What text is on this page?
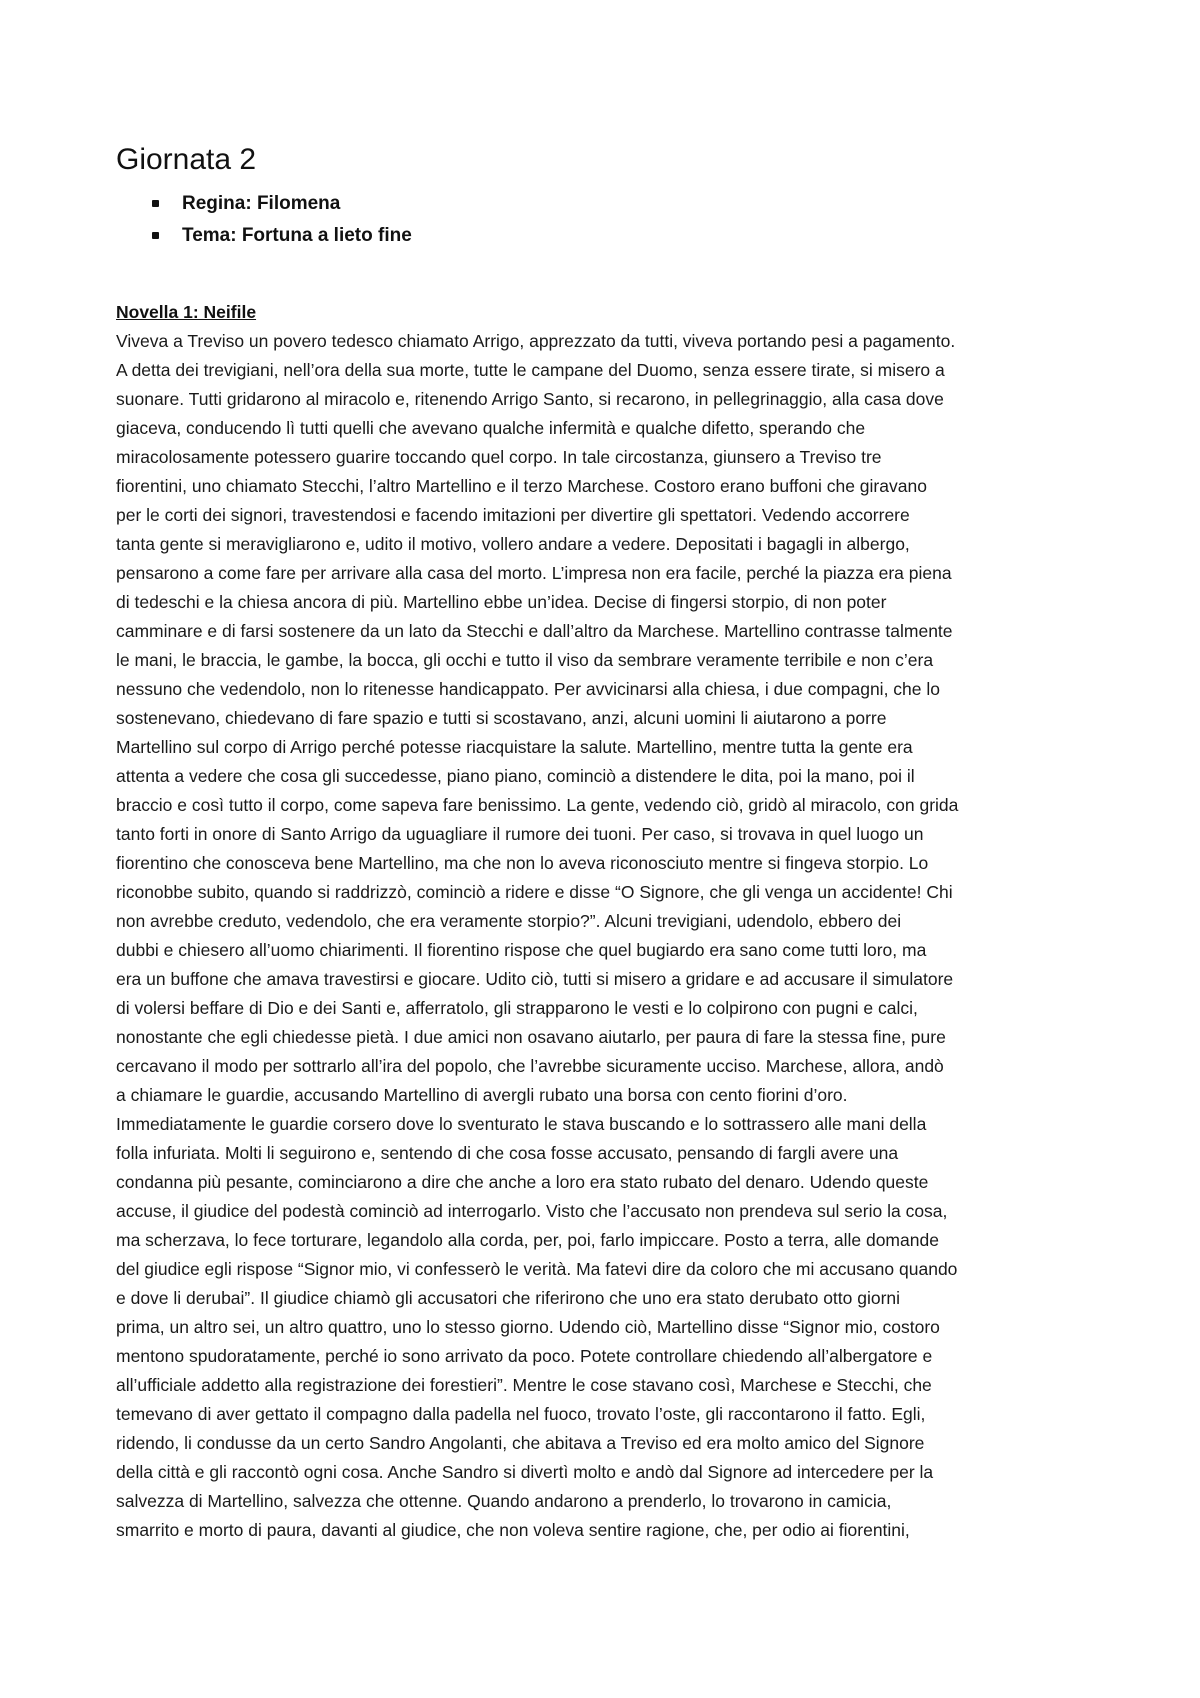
Giornata 2
Regina: Filomena
Tema: Fortuna a lieto fine
Novella 1: Neifile

Viveva a Treviso un povero tedesco chiamato Arrigo, apprezzato da tutti, viveva portando pesi a pagamento.
A detta dei trevigiani, nell’ora della sua morte, tutte le campane del Duomo, senza essere tirate, si misero a
suonare. Tutti gridarono al miracolo e, ritenendo Arrigo Santo, si recarono, in pellegrinaggio, alla casa dove
giaceva, conducendo lì tutti quelli che avevano qualche infermità e qualche difetto, sperando che
miracolosamente potessero guarire toccando quel corpo. In tale circostanza, giunsero a Treviso tre
fiorentini, uno chiamato Stecchi, l’altro Martellino e il terzo Marchese. Costoro erano buffoni che giravano
per le corti dei signori, travestendosi e facendo imitazioni per divertire gli spettatori. Vedendo accorrere
tanta gente si meravigliarono e, udito il motivo, vollero andare a vedere. Depositati i bagagli in albergo,
pensarono a come fare per arrivare alla casa del morto. L’impresa non era facile, perché la piazza era piena
di tedeschi e la chiesa ancora di più. Martellino ebbe un’idea. Decise di fingersi storpio, di non poter
camminare e di farsi sostenere da un lato da Stecchi e dall’altro da Marchese. Martellino contrasse talmente
le mani, le braccia, le gambe, la bocca, gli occhi e tutto il viso da sembrare veramente terribile e non c’era
nessuno che vedendolo, non lo ritenesse handicappato. Per avvicinarsi alla chiesa, i due compagni, che lo
sostenevano, chiedevano di fare spazio e tutti si scostavano, anzi, alcuni uomini li aiutarono a porre
Martellino sul corpo di Arrigo perché potesse riacquistare la salute. Martellino, mentre tutta la gente era
attenta a vedere che cosa gli succedesse, piano piano, cominciò a distendere le dita, poi la mano, poi il
braccio e così tutto il corpo, come sapeva fare benissimo. La gente, vedendo ciò, gridò al miracolo, con grida
tanto forti in onore di Santo Arrigo da uguagliare il rumore dei tuoni. Per caso, si trovava in quel luogo un
fiorentino che conosceva bene Martellino, ma che non lo aveva riconosciuto mentre si fingeva storpio. Lo
riconobbe subito, quando si raddrizzò, cominciò a ridere e disse “O Signore, che gli venga un accidente! Chi
non avrebbe creduto, vedendolo, che era veramente storpio?”. Alcuni trevigiani, udendolo, ebbero dei
dubbi e chiesero all’uomo chiarimenti. Il fiorentino rispose che quel bugiardo era sano come tutti loro, ma
era un buffone che amava travestirsi e giocare. Udito ciò, tutti si misero a gridare e ad accusare il simulatore
di volersi beffare di Dio e dei Santi e, afferratolo, gli strapparono le vesti e lo colpirono con pugni e calci,
nonostante che egli chiedesse pietà. I due amici non osavano aiutarlo, per paura di fare la stessa fine, pure
cercavano il modo per sottrarlo all’ira del popolo, che l’avrebbe sicuramente ucciso. Marchese, allora, andò
a chiamare le guardie, accusando Martellino di avergli rubato una borsa con cento fiorini d’oro.
Immediatamente le guardie corsero dove lo sventurato le stava buscando e lo sottrassero alle mani della
folla infuriata. Molti li seguirono e, sentendo di che cosa fosse accusato, pensando di fargli avere una
condanna più pesante, cominciarono a dire che anche a loro era stato rubato del denaro. Udendo queste
accuse, il giudice del podestà cominciò ad interrogarlo. Visto che l’accusato non prendeva sul serio la cosa,
ma scherzava, lo fece torturare, legandolo alla corda, per, poi, farlo impiccare. Posto a terra, alle domande
del giudice egli rispose “Signor mio, vi confesserò le verità. Ma fatevi dire da coloro che mi accusano quando
e dove li derubai”. Il giudice chiamò gli accusatori che riferirono che uno era stato derubato otto giorni
prima, un altro sei, un altro quattro, uno lo stesso giorno. Udendo ciò, Martellino disse “Signor mio, costoro
mentono spudoratamente, perché io sono arrivato da poco. Potete controllare chiedendo all’albergatore e
all’ufficiale addetto alla registrazione dei forestieri”. Mentre le cose stavano così, Marchese e Stecchi, che
temevano di aver gettato il compagno dalla padella nel fuoco, trovato l’oste, gli raccontarono il fatto. Egli,
ridendo, li condusse da un certo Sandro Angolanti, che abitava a Treviso ed era molto amico del Signore
della città e gli raccontò ogni cosa. Anche Sandro si divertì molto e andò dal Signore ad intercedere per la
salvezza di Martellino, salvezza che ottenne. Quando andarono a prenderlo, lo trovarono in camicia,
smarrito e morto di paura, davanti al giudice, che non voleva sentire ragione, che, per odio ai fiorentini,
